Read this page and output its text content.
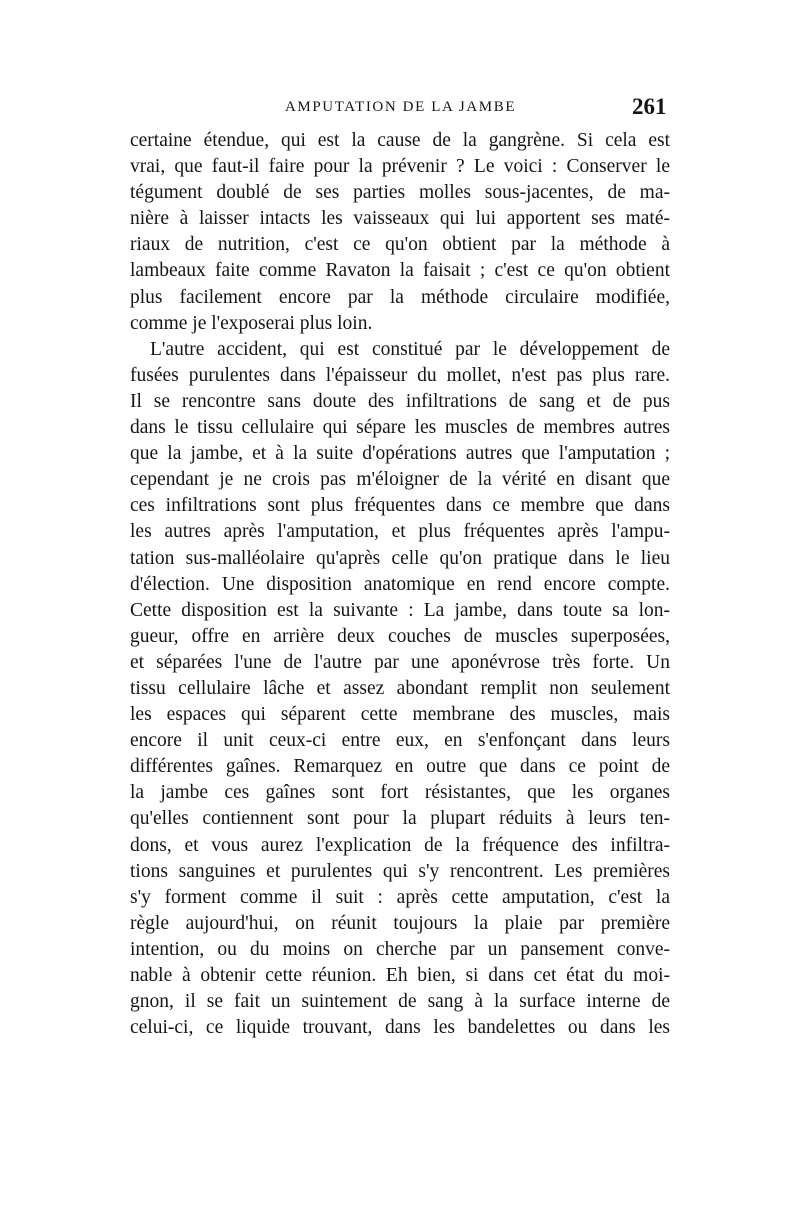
AMPUTATION DE LA JAMBE	261
certaine étendue, qui est la cause de la gangrène. Si cela est
vrai, que faut-il faire pour la prévenir ? Le voici : Conserver le
tégument doublé de ses parties molles sous-jacentes, de ma-
nière à laisser intacts les vaisseaux qui lui apportent ses maté-
riaux de nutrition, c'est ce qu'on obtient par la méthode à
lambeaux faite comme Ravaton la faisait ; c'est ce qu'on obtient
plus facilement encore par la méthode circulaire modifiée,
comme je l'exposerai plus loin.
L'autre accident, qui est constitué par le développement de
fusées purulentes dans l'épaisseur du mollet, n'est pas plus rare.
Il se rencontre sans doute des infiltrations de sang et de pus
dans le tissu cellulaire qui sépare les muscles de membres autres
que la jambe, et à la suite d'opérations autres que l'amputation ;
cependant je ne crois pas m'éloigner de la vérité en disant que
ces infiltrations sont plus fréquentes dans ce membre que dans
les autres après l'amputation, et plus fréquentes après l'ampu-
tation sus-malléolaire qu'après celle qu'on pratique dans le lieu
d'élection. Une disposition anatomique en rend encore compte.
Cette disposition est la suivante : La jambe, dans toute sa lon-
gueur, offre en arrière deux couches de muscles superposées,
et séparées l'une de l'autre par une aponévrose très forte. Un
tissu cellulaire lâche et assez abondant remplit non seulement
les espaces qui séparent cette membrane des muscles, mais
encore il unit ceux-ci entre eux, en s'enfonçant dans leurs
différentes gaînes. Remarquez en outre que dans ce point de
la jambe ces gaînes sont fort résistantes, que les organes
qu'elles contiennent sont pour la plupart réduits à leurs ten-
dons, et vous aurez l'explication de la fréquence des infiltra-
tions sanguines et purulentes qui s'y rencontrent. Les premières
s'y forment comme il suit : après cette amputation, c'est la
règle aujourd'hui, on réunit toujours la plaie par première
intention, ou du moins on cherche par un pansement conve-
nable à obtenir cette réunion. Eh bien, si dans cet état du moi-
gnon, il se fait un suintement de sang à la surface interne de
celui-ci, ce liquide trouvant, dans les bandelettes ou dans les
